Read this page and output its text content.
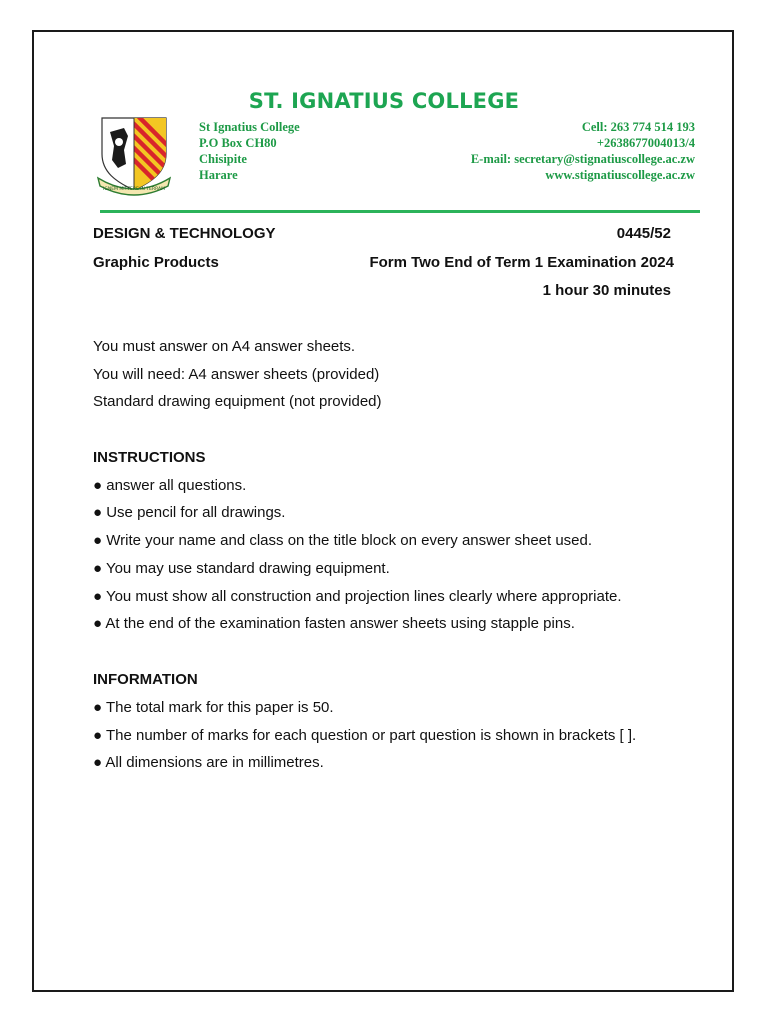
ST. IGNATIUS COLLEGE
IGNEM MITTERE IN TERRAM
St Ignatius College
P.O Box CH80
Chisipite
Harare
Cell: 263 774 514 193
+2638677004013/4
E-mail: secretary@stignatiuscollege.ac.zw
www.stignatiuscollege.ac.zw
DESIGN & TECHNOLOGY	0445/52
Graphic Products	Form Two End of Term 1 Examination 2024
1 hour 30 minutes
You must answer on A4 answer sheets.
You will need: A4 answer sheets (provided)
Standard drawing equipment (not provided)
INSTRUCTIONS
● answer all questions.
● Use pencil for all drawings.
● Write your name and class on the title block on every answer sheet used.
● You may use standard drawing equipment.
● You must show all construction and projection lines clearly where appropriate.
● At the end of the examination fasten answer sheets using stapple pins.
INFORMATION
● The total mark for this paper is 50.
● The number of marks for each question or part question is shown in brackets [ ].
● All dimensions are in millimetres.
